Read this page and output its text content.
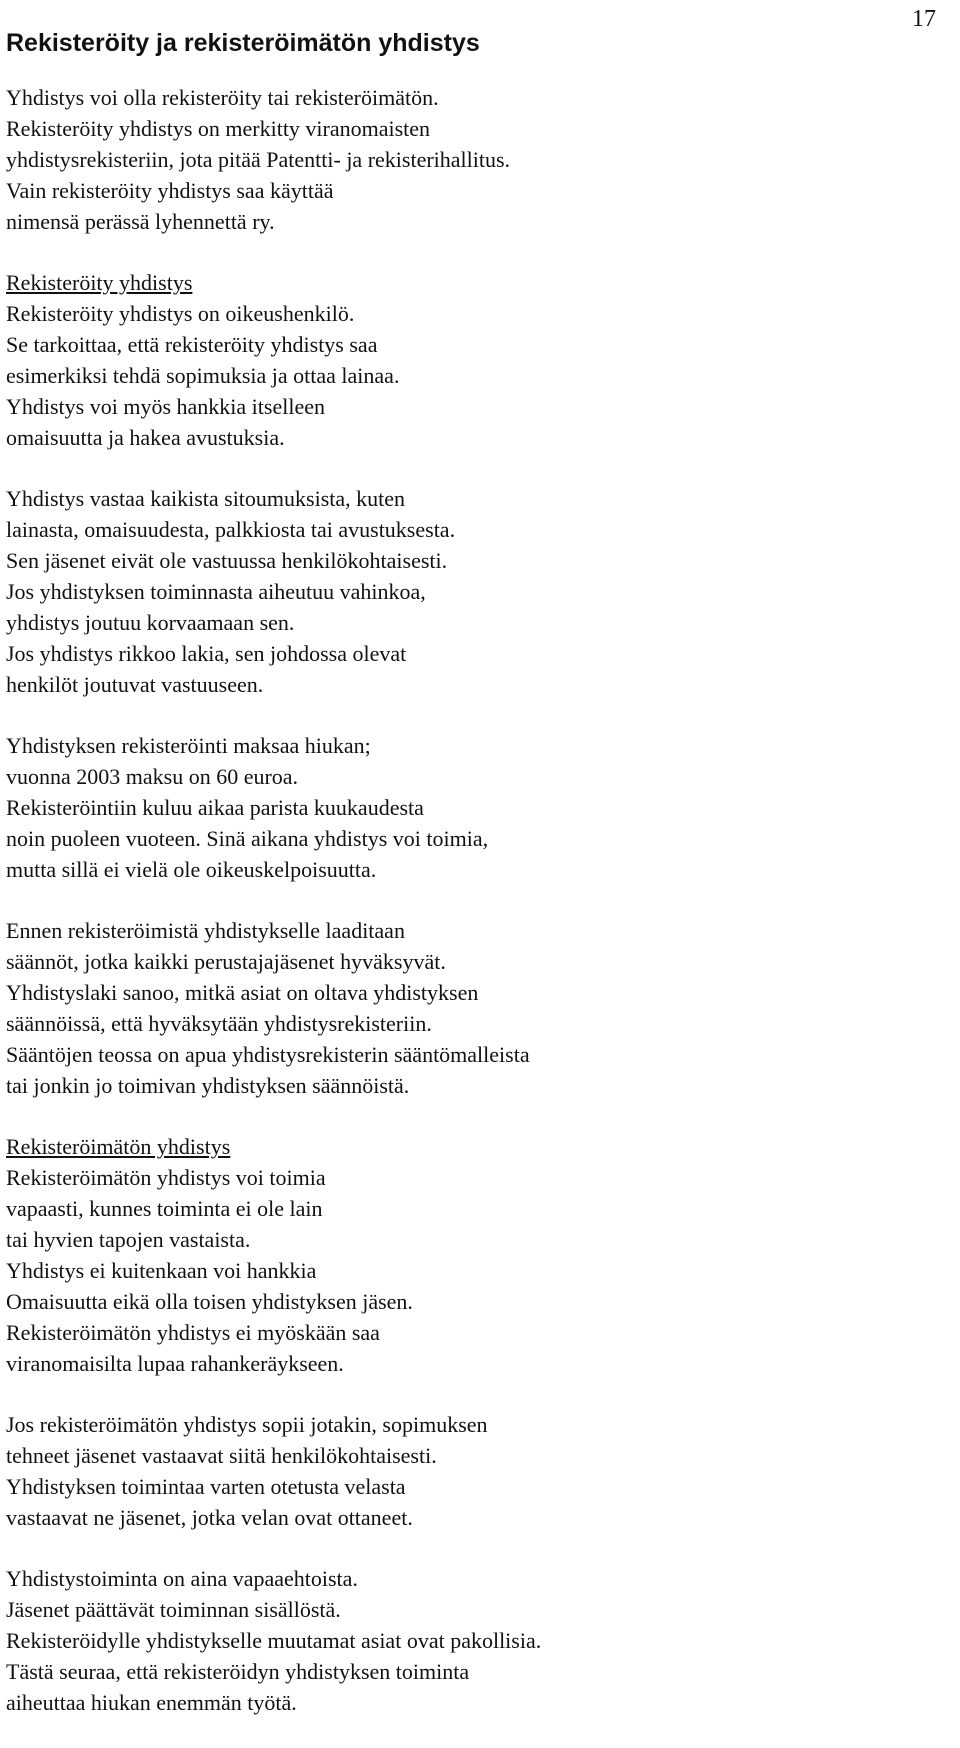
17
Rekisteröity ja rekisteröimätön yhdistys
Yhdistys voi olla rekisteröity tai rekisteröimätön.
Rekisteröity yhdistys on merkitty viranomaisten
yhdistysrekisteriin, jota pitää Patentti- ja rekisterihallitus.
Vain rekisteröity yhdistys saa käyttää
nimensä perässä lyhennettä ry.
Rekisteröity yhdistys
Rekisteröity yhdistys on oikeushenkilö.
Se tarkoittaa, että rekisteröity yhdistys saa
esimerkiksi tehdä sopimuksia ja ottaa lainaa.
Yhdistys voi myös hankkia itselleen
omaisuutta ja hakea avustuksia.
Yhdistys vastaa kaikista sitoumuksista, kuten
lainasta, omaisuudesta, palkkiosta tai avustuksesta.
Sen jäsenet eivät ole vastuussa henkilökohtaisesti.
Jos yhdistyksen toiminnasta aiheutuu vahinkoa,
yhdistys joutuu korvaamaan sen.
Jos yhdistys rikkoo lakia, sen johdossa olevat
henkilöt joutuvat vastuuseen.
Yhdistyksen rekisteröinti maksaa hiukan;
vuonna 2003 maksu on 60 euroa.
Rekisteröintiin kuluu aikaa parista kuukaudesta
noin puoleen vuoteen. Sinä aikana yhdistys voi toimia,
mutta sillä ei vielä ole oikeuskelpoisuutta.
Ennen rekisteröimistä yhdistykselle laaditaan
säännöt, jotka kaikki perustajajäsenet hyväksyvät.
Yhdistyslaki sanoo, mitkä asiat on oltava yhdistyksen
säännöissä, että hyväksytään yhdistysrekisteriin.
Sääntöjen teossa on apua yhdistysrekisterin sääntömalleista
tai jonkin jo toimivan yhdistyksen säännöistä.
Rekisteröimätön yhdistys
Rekisteröimätön yhdistys voi toimia
vapaasti, kunnes toiminta ei ole lain
tai hyvien tapojen vastaista.
Yhdistys ei kuitenkaan voi hankkia
Omaisuutta eikä olla toisen yhdistyksen jäsen.
Rekisteröimätön yhdistys ei myöskään saa
viranomaisilta lupaa rahankeräykseen.
Jos rekisteröimätön yhdistys sopii jotakin, sopimuksen
tehneet jäsenet vastaavat siitä henkilökohtaisesti.
Yhdistyksen toimintaa varten otetusta velasta
vastaavat ne jäsenet, jotka velan ovat ottaneet.
Yhdistystoiminta on aina vapaaehtoista.
Jäsenet päättävät toiminnan sisällöstä.
Rekisteröidylle yhdistykselle muutamat asiat ovat pakollisia.
Tästä seuraa, että rekisteröidyn yhdistyksen toiminta
aiheuttaa hiukan enemmän työtä.
